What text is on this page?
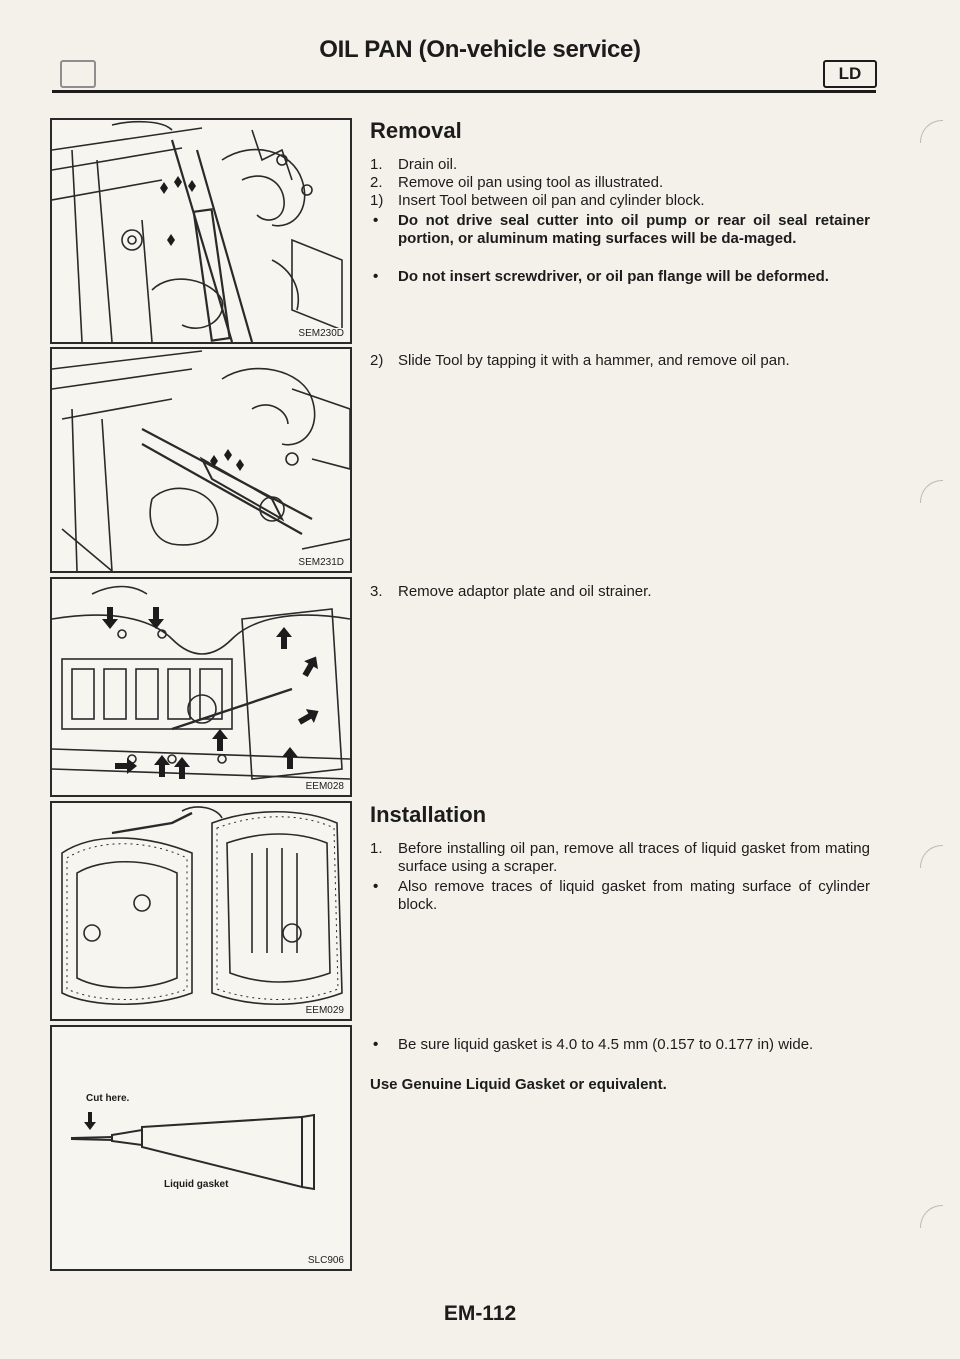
OIL PAN (On-vehicle service)
LD
SEM230D
SEM231D
EEM028
EEM029
Cut here.
Liquid gasket
SLC906
Removal
1.	Drain oil.
2.	Remove oil pan using tool as illustrated.
1) Insert Tool between oil pan and cylinder block.
• Do not drive seal cutter into oil pump or rear oil seal retainer portion, or aluminum mating surfaces will be da-maged.
• Do not insert screwdriver, or oil pan flange will be deformed.
2) Slide Tool by tapping it with a hammer, and remove oil pan.
3.	Remove adaptor plate and oil strainer.
Installation
1.	Before installing oil pan, remove all traces of liquid gasket from mating surface using a scraper.
• Also remove traces of liquid gasket from mating surface of cylinder block.
• Be sure liquid gasket is 4.0 to 4.5 mm (0.157 to 0.177 in) wide.
Use Genuine Liquid Gasket or equivalent.
EM-112
